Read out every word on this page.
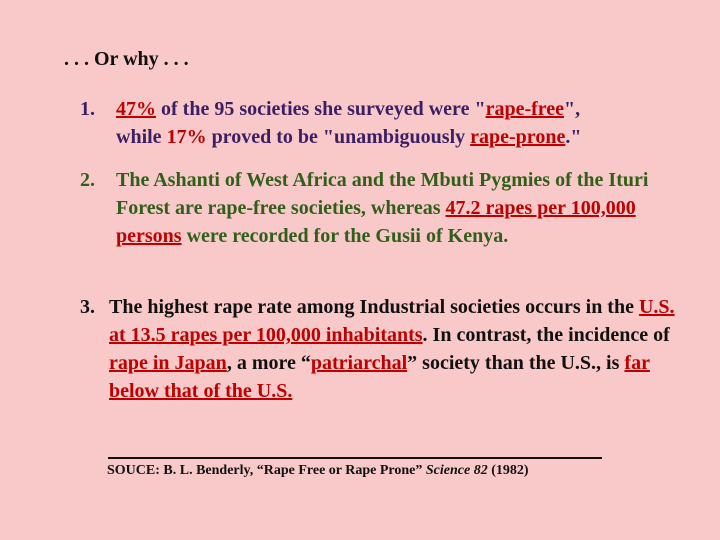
. . . Or why . . .
1.	47% of the 95 societies she surveyed were "rape-free",
while 17% proved to be "unambiguously rape-prone."
2.	The Ashanti of West Africa and the Mbuti Pygmies of the Ituri Forest are rape-free societies, whereas 47.2 rapes per 100,000 persons were recorded for the Gusii of Kenya.
3. The highest rape rate among Industrial societies occurs in the U.S. at 13.5 rapes per 100,000 inhabitants. In contrast, the incidence of rape in Japan, a more “patriarchal” society than the U.S., is far below that of the U.S.
SOUCE: B. L. Benderly, “Rape Free or Rape Prone” Science 82 (1982)
